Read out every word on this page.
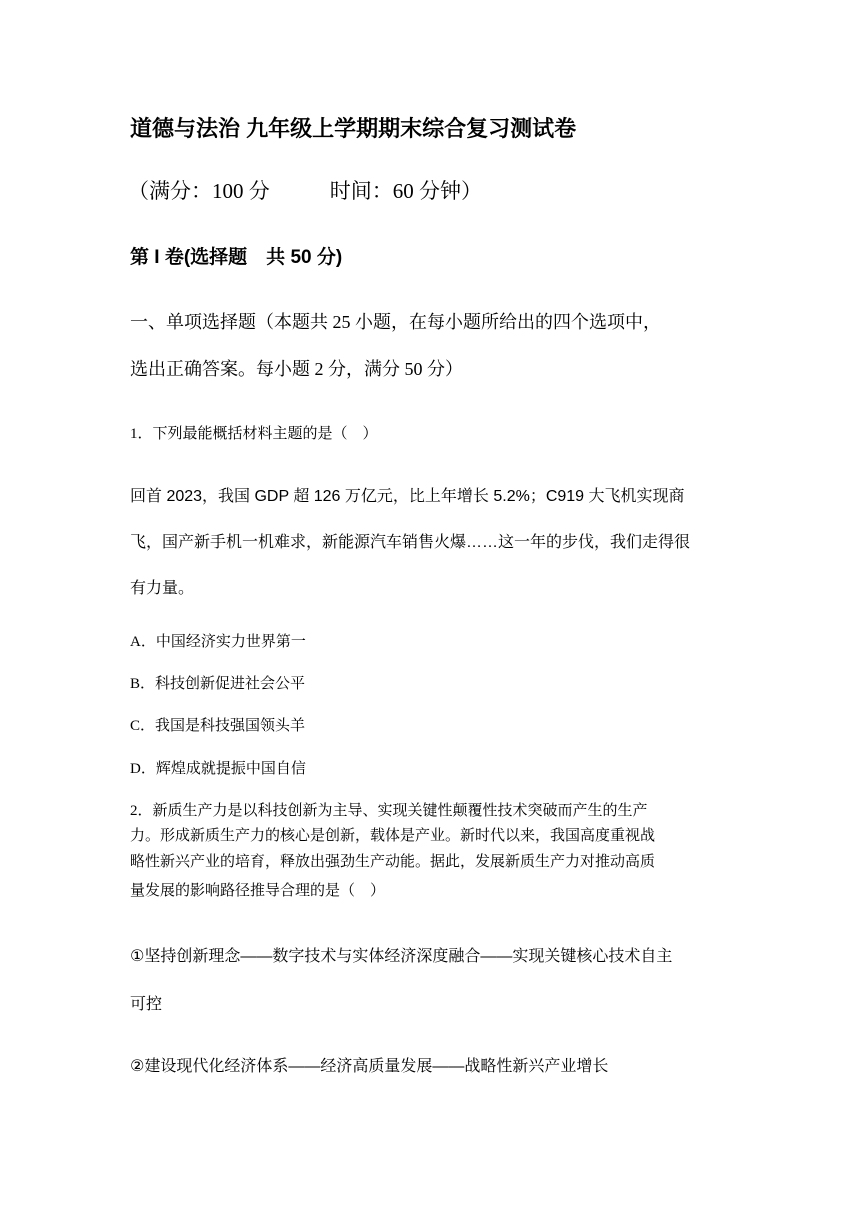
道德与法治 九年级上学期期末综合复习测试卷
（满分：100 分	时间：60 分钟）
第 I 卷(选择题　共 50 分)
一、单项选择题（本题共 25 小题，在每小题所给出的四个选项中，
选出正确答案。每小题 2 分，满分 50 分）
1．下列最能概括材料主题的是（　）
回首 2023，我国 GDP 超 126 万亿元，比上年增长 5.2%；C919 大飞机实现商
飞，国产新手机一机难求，新能源汽车销售火爆……这一年的步伐，我们走得很
有力量。
A．中国经济实力世界第一
B．科技创新促进社会公平
C．我国是科技强国领头羊
D．辉煌成就提振中国自信
2．新质生产力是以科技创新为主导、实现关键性颠覆性技术突破而产生的生产
力。形成新质生产力的核心是创新，载体是产业。新时代以来，我国高度重视战
略性新兴产业的培育，释放出强劲生产动能。据此，发展新质生产力对推动高质
量发展的影响路径推导合理的是（　）
①坚持创新理念——数字技术与实体经济深度融合——实现关键核心技术自主
可控
②建设现代化经济体系——经济高质量发展——战略性新兴产业增长
